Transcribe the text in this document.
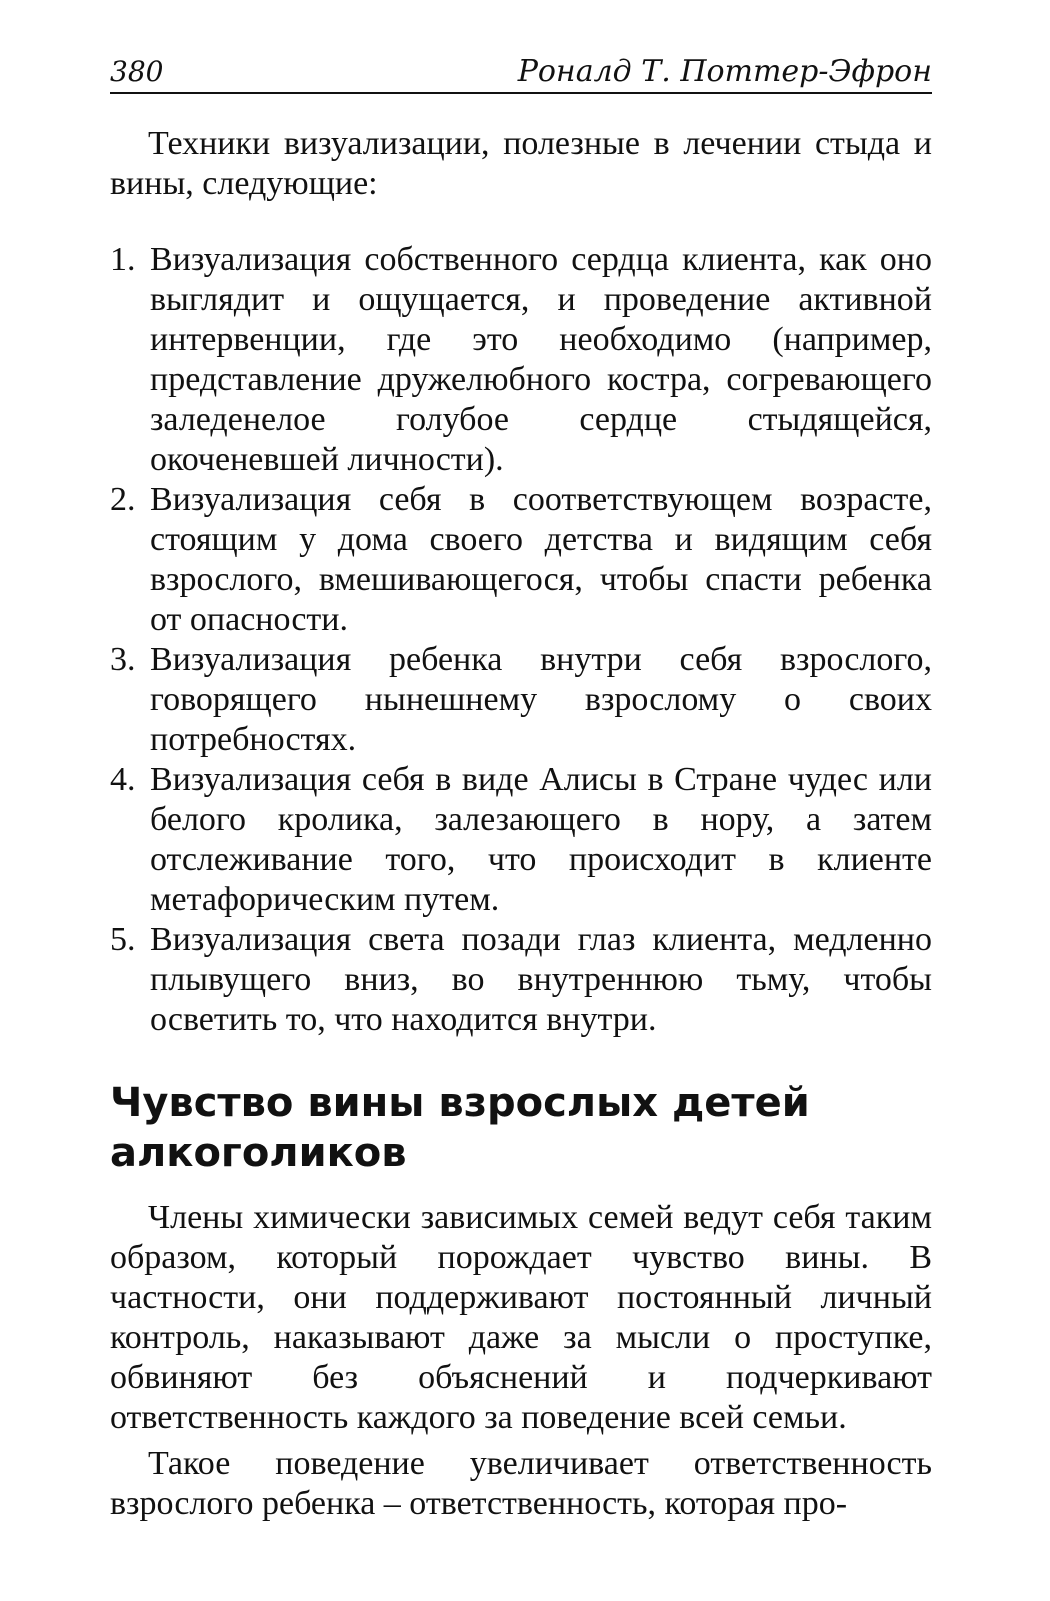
380	Роналд Т. Поттер-Эфрон

Техники визуализации, полезные в лечении стыда и вины, следующие:

1. Визуализация собственного сердца клиента, как оно выглядит и ощущается, и проведение активной интервенции, где это необходимо (например, представление дружелюбного костра, согревающего заледенелое голубое сердце стыдящейся, окоченевшей личности).
2. Визуализация себя в соответствующем возрасте, стоящим у дома своего детства и видящим себя взрослого, вмешивающегося, чтобы спасти ребенка от опасности.
3. Визуализация ребенка внутри себя взрослого, говорящего нынешнему взрослому о своих потребностях.
4. Визуализация себя в виде Алисы в Стране чудес или белого кролика, залезающего в нору, а затем отслеживание того, что происходит в клиенте метафорическим путем.
5. Визуализация света позади глаз клиента, медленно плывущего вниз, во внутреннюю тьму, чтобы осветить то, что находится внутри.
Чувство вины взрослых детей алкоголиков

Члены химически зависимых семей ведут себя таким образом, который порождает чувство вины. В частности, они поддерживают постоянный личный контроль, наказывают даже за мысли о проступке, обвиняют без объяснений и подчеркивают ответственность каждого за поведение всей семьи.

Такое поведение увеличивает ответственность взрослого ребенка – ответственность, которая про-
